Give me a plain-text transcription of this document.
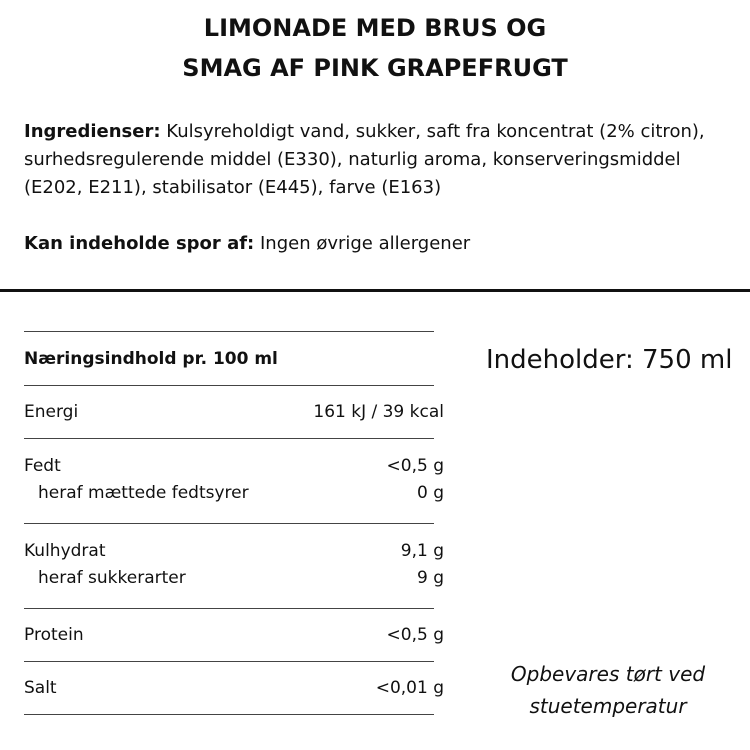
LIMONADE MED BRUS OG
SMAG AF PINK GRAPEFRUGT
Ingredienser: Kulsyreholdigt vand, sukker, saft fra koncentrat (2% citron), surhedsregulerende middel (E330), naturlig aroma, konserveringsmiddel (E202, E211), stabilisator (E445), farve (E163)
Kan indeholde spor af: Ingen øvrige allergener
Næringsindhold pr. 100 ml
Energi	161 kJ / 39 kcal
Fedt	<0,5 g
heraf mættede fedtsyrer	0 g
Kulhydrat	9,1 g
heraf sukkerarter	9 g
Protein	<0,5 g
Salt	<0,01 g
Indeholder: 750 ml
Opbevares tørt ved
stuetemperatur
